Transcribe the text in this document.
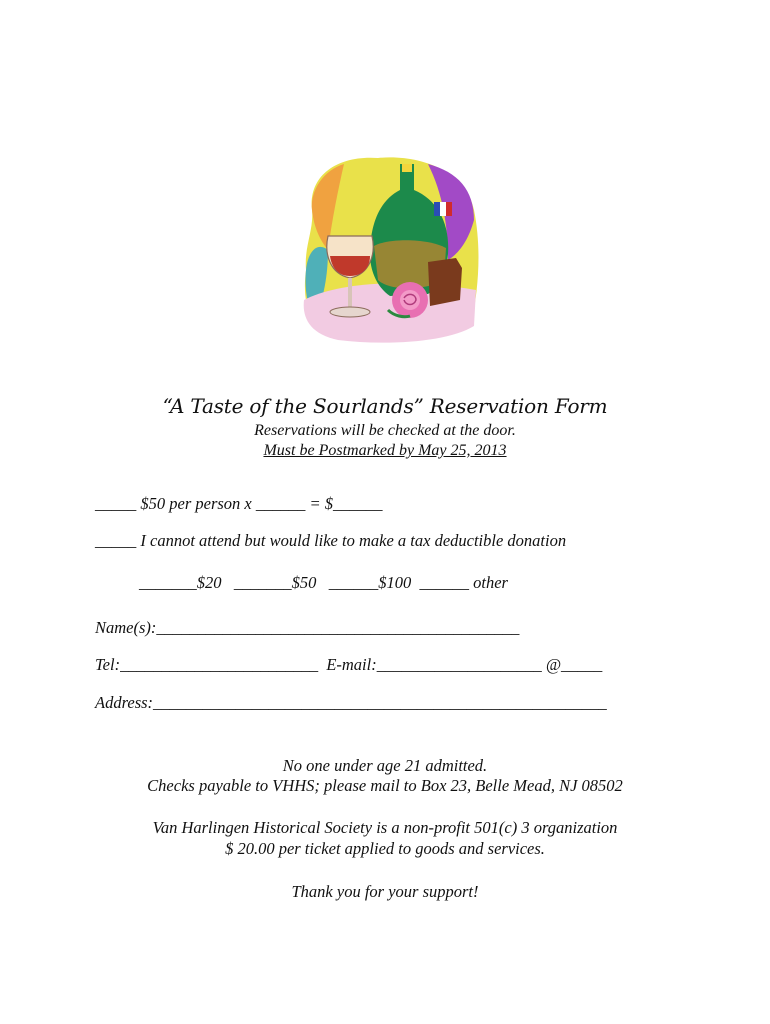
“A Taste of the Sourlands” Reservation Form
Reservations will be checked at the door.
Must be Postmarked by May 25, 2013
_____ $50 per person x ______ = $______
_____ I cannot attend but would like to make a tax deductible donation
_______$20   _______$50   ______$100  ______ other
Name(s):____________________________________________
Tel:________________________  E-mail:____________________ @_____
Address:_______________________________________________________
No one under age 21 admitted.
Checks payable to VHHS; please mail to Box 23, Belle Mead, NJ 08502
Van Harlingen Historical Society is a non-profit 501(c) 3 organization
$ 20.00 per ticket applied to goods and services.
Thank you for your support!
